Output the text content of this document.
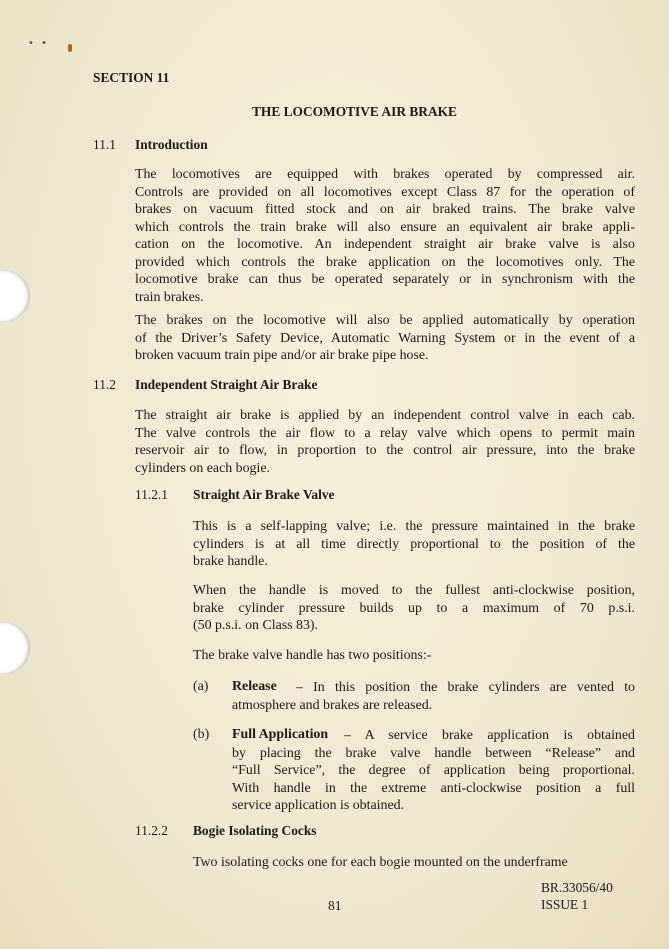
• •
SECTION 11
THE LOCOMOTIVE AIR BRAKE
11.1 Introduction
The locomotives are equipped with brakes operated by compressed air.
Controls are provided on all locomotives except Class 87 for the operation of
brakes on vacuum fitted stock and on air braked trains. The brake valve
which controls the train brake will also ensure an equivalent air brake appli-
cation on the locomotive. An independent straight air brake valve is also
provided which controls the brake application on the locomotives only. The
locomotive brake can thus be operated separately or in synchronism with the
train brakes.
The brakes on the locomotive will also be applied automatically by operation
of the Driver’s Safety Device, Automatic Warning System or in the event of a
broken vacuum train pipe and/or air brake pipe hose.
11.2 Independent Straight Air Brake
The straight air brake is applied by an independent control valve in each cab.
The valve controls the air flow to a relay valve which opens to permit main
reservoir air to flow, in proportion to the control air pressure, into the brake
cylinders on each bogie.
11.2.1 Straight Air Brake Valve
This is a self-lapping valve; i.e. the pressure maintained in the brake
cylinders is at all time directly proportional to the position of the
brake handle.
When the handle is moved to the fullest anti-clockwise position,
brake cylinder pressure builds up to a maximum of 70 p.s.i.
(50 p.s.i. on Class 83).
The brake valve handle has two positions:-
(a) Release	– In this position the brake cylinders are vented to
atmosphere and brakes are released.
(b) Full Application	– A service brake application is obtained
by placing the brake valve handle between “Release” and
“Full Service”, the degree of application being proportional.
With handle in the extreme anti-clockwise position a full
service application is obtained.
11.2.2 Bogie Isolating Cocks
Two isolating cocks one for each bogie mounted on the underframe
81
BR.33056/40
ISSUE 1
